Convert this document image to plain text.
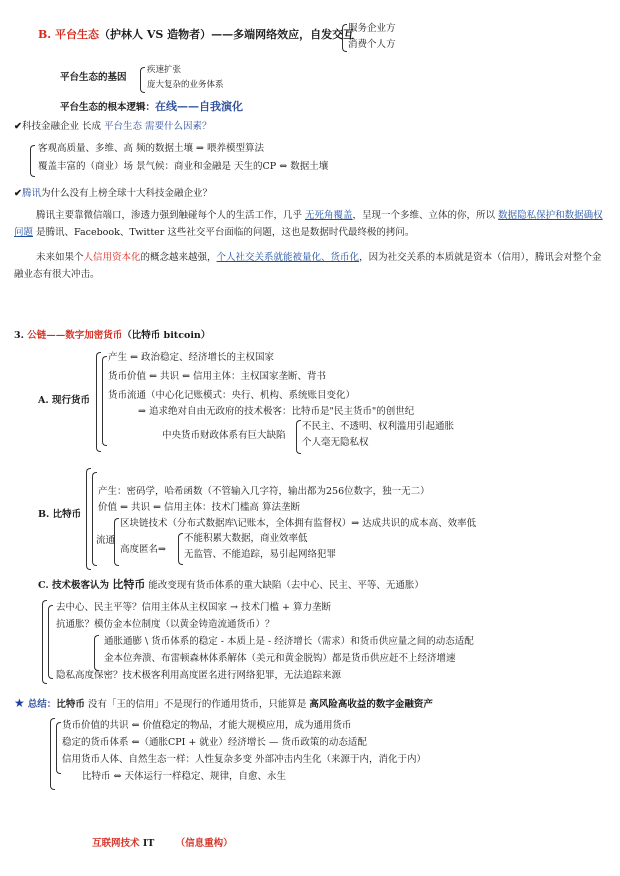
B. 平台生态（护林人 VS 造物者）——多端网络效应，自发交互
服务企业方
消费个人方
平台生态的基因
疾速扩张
庞大复杂的业务体系
平台生态的根本逻辑：在线——自我演化
✔科技金融企业 长成 平台生态 需要什么因素？
客观高质量、多维、高 频的数据土壤 ⇒ 喂养模型算法
覆盖丰富的（商业）场 景气候：商业和金融是 天生的CP ⇔ 数据土壤
✔腾讯为什么没有上榜全球十大科技金融企业？
腾讯主要靠微信端口，渗透力强到触碰每个人的生活工作，几乎 无死角覆盖，呈现一个多维、立体的你，所以 数据隐私保护和数据确权问题 是腾讯、Facebook、Twitter 这些社交平台面临的问题，这也是数据时代最终极的拷问。
未来如果个人信用资本化的概念越来越强，个人社交关系就能被量化、货币化，因为社交关系的本质就是资本（信用），腾讯会对整个金融业态有很大冲击。
3. 公链——数字加密货币（比特币 bitcoin）
A. 现行货币
产生 ⇐ 政治稳定、经济增长的主权国家
货币价值 ⇐ 共识 ⇐ 信用主体：主权国家垄断、背书
货币流通（中心化记账模式：央行、机构、系统账目变化）
⇒ 追求绝对自由无政府的技术极客：比特币是"民主货币"的创世纪
中央货币财政体系有巨大缺陷
不民主、不透明、权利滥用引起通胀
个人毫无隐私权
B. 比特币
产生：密码学，哈希函数（不管输入几字符，输出都为256位数字，独一无二）
价值 ⇐ 共识 ⇐ 信用主体：技术门槛高 算法垄断
区块链技术（分布式数据库\记账本，全体拥有监督权）⇒ 达成共识的成本高、效率低
流通
高度匿名⇒
不能积累大数据，商业效率低
无监管、不能追踪，易引起网络犯罪
C. 技术极客认为 比特币 能改变现有货币体系的重大缺陷（去中心、民主、平等、无通胀）
去中心、民主平等？信用主体从主权国家 → 技术门槛 + 算力垄断
抗通胀？模仿金本位制度（以黄金铸造流通货币）？
通胀通膨 \ 货币体系的稳定 - 本质上是 - 经济增长（需求）和货币供应量之间的动态适配
金本位奔溃、布雷顿森林体系解体（美元和黄金脱钩）都是货币供应赶不上经济增速
隐私高度保密？技术极客利用高度匿名进行网络犯罪，无法追踪来源
★ 总结：比特币 没有「王的信用」不是现行的作通用货币，只能算是 高风险高收益的数字金融资产
货币价值的共识 ⇐ 价值稳定的物品，才能大规模应用，成为通用货币
稳定的货币体系 ⇐（通胀CPI + 就业）经济增长 — 货币政策的动态适配
信用货币人体、自然生态一样：人性复杂多变 外部冲击内生化（来源于内，消化于内）
比特币 ⇔ 天体运行一样稳定、规律，自愈、永生
互联网技术 IT （信息重构）
